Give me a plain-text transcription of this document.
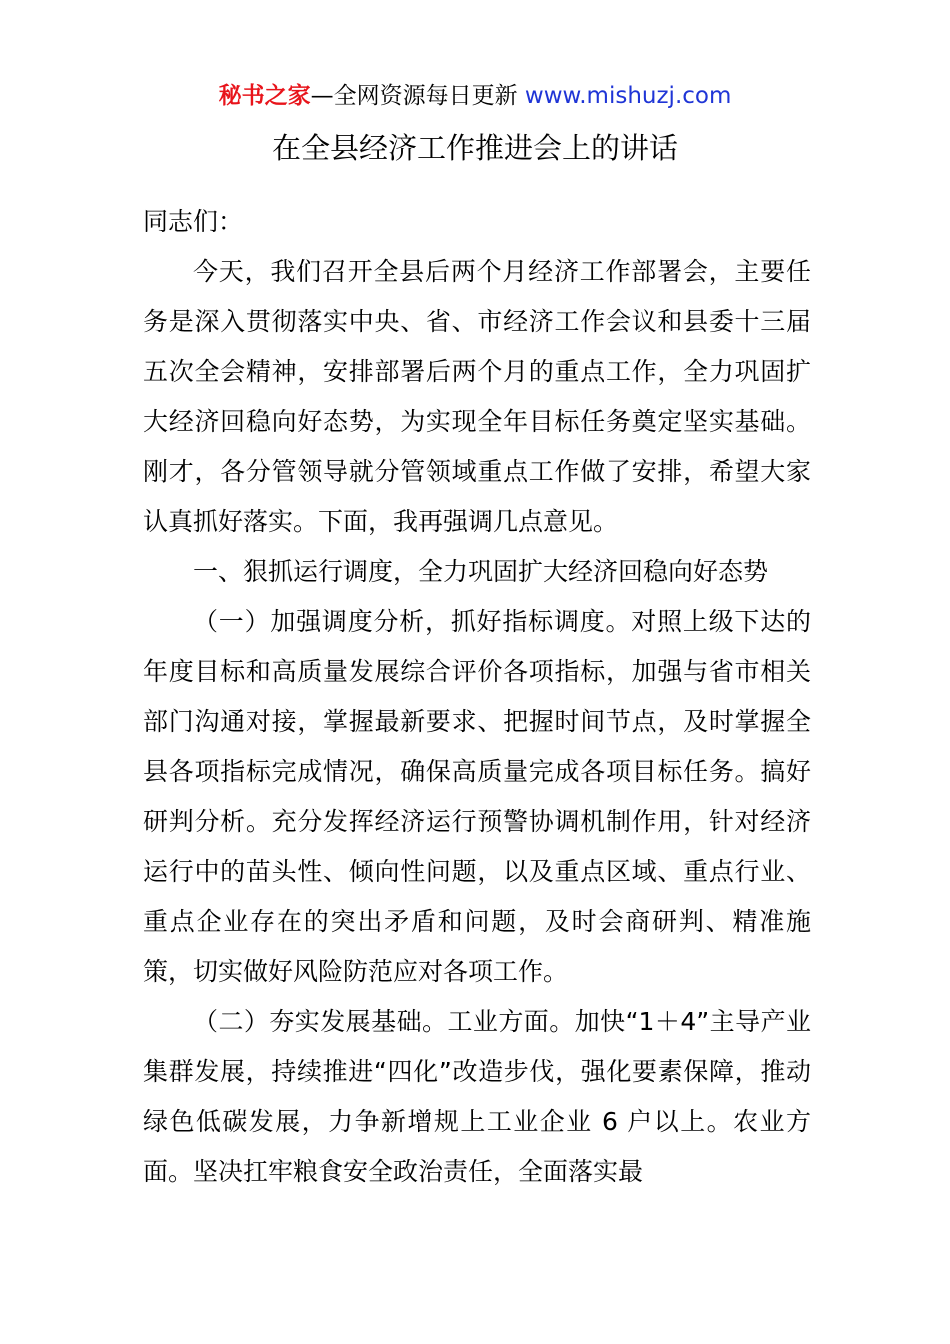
秘书之家—全网资源每日更新 www.mishuzj.com
在全县经济工作推进会上的讲话

同志们：

今天，我们召开全县后两个月经济工作部署会，主要任务是深入贯彻落实中央、省、市经济工作会议和县委十三届五次全会精神，安排部署后两个月的重点工作，全力巩固扩大经济回稳向好态势，为实现全年目标任务奠定坚实基础。刚才，各分管领导就分管领域重点工作做了安排，希望大家认真抓好落实。下面，我再强调几点意见。

一、狠抓运行调度，全力巩固扩大经济回稳向好态势

（一）加强调度分析，抓好指标调度。对照上级下达的年度目标和高质量发展综合评价各项指标，加强与省市相关部门沟通对接，掌握最新要求、把握时间节点，及时掌握全县各项指标完成情况，确保高质量完成各项目标任务。搞好研判分析。充分发挥经济运行预警协调机制作用，针对经济运行中的苗头性、倾向性问题，以及重点区域、重点行业、重点企业存在的突出矛盾和问题，及时会商研判、精准施策，切实做好风险防范应对各项工作。

（二）夯实发展基础。工业方面。加快“1＋4”主导产业集群发展，持续推进“四化”改造步伐，强化要素保障，推动绿色低碳发展，力争新增规上工业企业 6 户以上。农业方面。坚决扛牢粮食安全政治责任，全面落实最
